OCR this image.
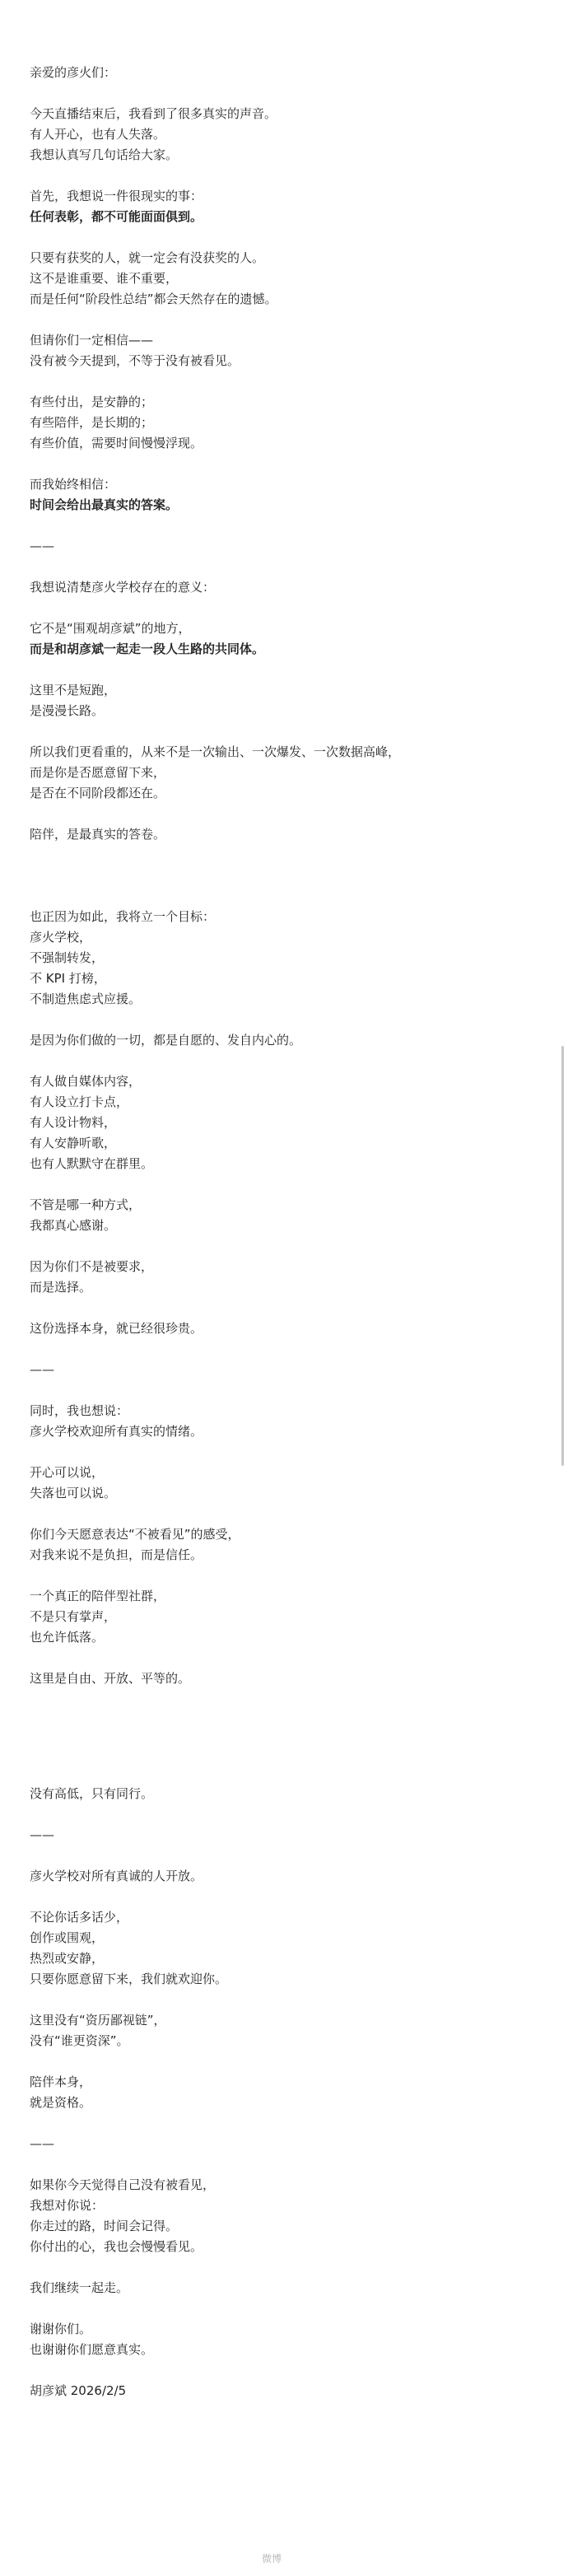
亲爱的彦火们：
今天直播结束后，我看到了很多真实的声音。
有人开心，也有人失落。
我想认真写几句话给大家。
首先，我想说一件很现实的事：
任何表彰，都不可能面面俱到。
只要有获奖的人，就一定会有没获奖的人。
这不是谁重要、谁不重要，
而是任何“阶段性总结”都会天然存在的遗憾。
但请你们一定相信——
没有被今天提到，不等于没有被看见。
有些付出，是安静的；
有些陪伴，是长期的；
有些价值，需要时间慢慢浮现。
而我始终相信：
时间会给出最真实的答案。
——
我想说清楚彦火学校存在的意义：
它不是“围观胡彦斌”的地方，
而是和胡彦斌一起走一段人生路的共同体。
这里不是短跑，
是漫漫长路。
所以我们更看重的，从来不是一次输出、一次爆发、一次数据高峰，
而是你是否愿意留下来，
是否在不同阶段都还在。
陪伴，是最真实的答卷。
也正因为如此，我将立一个目标：
彦火学校，
不强制转发，
不 KPI 打榜，
不制造焦虑式应援。
是因为你们做的一切，都是自愿的、发自内心的。
有人做自媒体内容，
有人设立打卡点，
有人设计物料，
有人安静听歌，
也有人默默守在群里。
不管是哪一种方式，
我都真心感谢。
因为你们不是被要求，
而是选择。
这份选择本身，就已经很珍贵。
——
同时，我也想说：
彦火学校欢迎所有真实的情绪。
开心可以说，
失落也可以说。
你们今天愿意表达“不被看见”的感受，
对我来说不是负担，而是信任。
一个真正的陪伴型社群，
不是只有掌声，
也允许低落。
这里是自由、开放、平等的。
没有高低，只有同行。
——
彦火学校对所有真诚的人开放。
不论你话多话少，
创作或围观，
热烈或安静，
只要你愿意留下来，我们就欢迎你。
这里没有“资历鄙视链”，
没有“谁更资深”。
陪伴本身，
就是资格。
——
如果你今天觉得自己没有被看见，
我想对你说：
你走过的路，时间会记得。
你付出的心，我也会慢慢看见。
我们继续一起走。
谢谢你们。
也谢谢你们愿意真实。
胡彦斌 2026/2/5
微博
